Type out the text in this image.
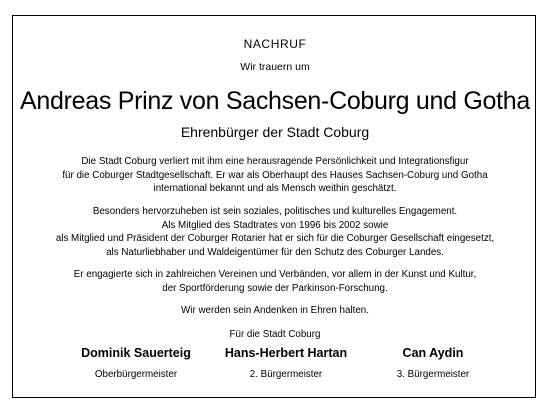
NACHRUF
Wir trauern um
Andreas Prinz von Sachsen-Coburg und Gotha
Ehrenbürger der Stadt Coburg
Die Stadt Coburg verliert mit ihm eine herausragende Persönlichkeit und Integrationsfigur
für die Coburger Stadtgesellschaft. Er war als Oberhaupt des Hauses Sachsen-Coburg und Gotha
international bekannt und als Mensch weithin geschätzt.
Besonders hervorzuheben ist sein soziales, politisches und kulturelles Engagement.
Als Mitglied des Stadtrates von 1996 bis 2002 sowie
als Mitglied und Präsident der Coburger Rotarier hat er sich für die Coburger Gesellschaft eingesetzt,
als Naturliebhaber und Waldeigentümer für den Schutz des Coburger Landes.
Er engagierte sich in zahlreichen Vereinen und Verbänden, vor allem in der Kunst und Kultur,
der Sportförderung sowie der Parkinson-Forschung.
Wir werden sein Andenken in Ehren halten.
Für die Stadt Coburg
Dominik Sauerteig
Oberbürgermeister
Hans-Herbert Hartan
2. Bürgermeister
Can Aydin
3. Bürgermeister
